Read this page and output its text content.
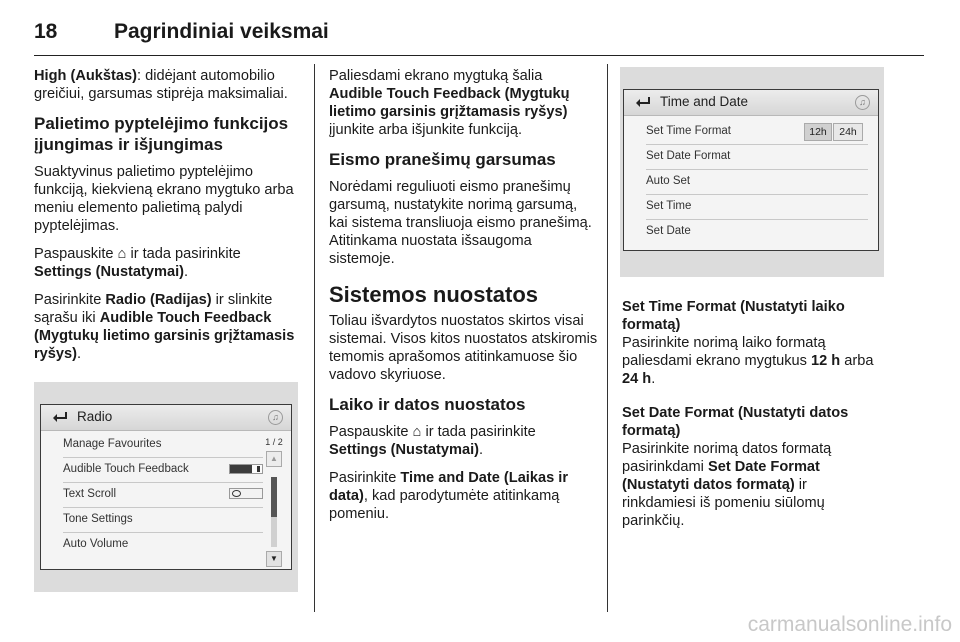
18	Pagrindiniai veiksmai

High (Aukštas): didėjant automobilio greičiui, garsumas stiprėja maksimaliai.

Palietimo pyptelėjimo funkcijos įjungimas ir išjungimas

Suaktyvinus palietimo pyptelėjimo funkciją, kiekvieną ekrano mygtuko arba meniu elemento palietimą palydi pyptelėjimas.

Paspauskite ⌂ ir tada pasirinkite
Settings (Nustatymai).

Pasirinkite Radio (Radijas) ir slinkite sąrašu iki Audible Touch Feedback (Mygtukų lietimo garsinis grįžtamasis ryšys).

Radio	♫
Manage Favourites
Audible Touch Feedback
Text Scroll
Tone Settings
Auto Volume
1 / 2
▲
▼

Paliesdami ekrano mygtuką šalia
Audible Touch Feedback (Mygtukų lietimo garsinis grįžtamasis ryšys)
įjunkite arba išjunkite funkciją.

Eismo pranešimų garsumas

Norėdami reguliuoti eismo pranešimų garsumą, nustatykite norimą garsumą, kai sistema transliuoja eismo pranešimą. Atitinkama nuostata išsaugoma sistemoje.

Sistemos nuostatos

Toliau išvardytos nuostatos skirtos visai sistemai. Visos kitos nuostatos atskiromis temomis aprašomos atitinkamuose šio vadovo skyriuose.

Laiko ir datos nuostatos

Paspauskite ⌂ ir tada pasirinkite
Settings (Nustatymai).

Pasirinkite Time and Date (Laikas ir data), kad parodytumėte atitinkamą pomeniu.

Time and Date	♫
Set Time Format	12h	24h
Set Date Format
Auto Set
Set Time
Set Date

Set Time Format (Nustatyti laiko formatą)

Pasirinkite norimą laiko formatą paliesdami ekrano mygtukus 12 h arba 24 h.

Set Date Format (Nustatyti datos formatą)

Pasirinkite norimą datos formatą pasirinkdami Set Date Format (Nustatyti datos formatą) ir rinkdamiesi iš pomeniu siūlomų parinkčių.

carmanualsonline.info
